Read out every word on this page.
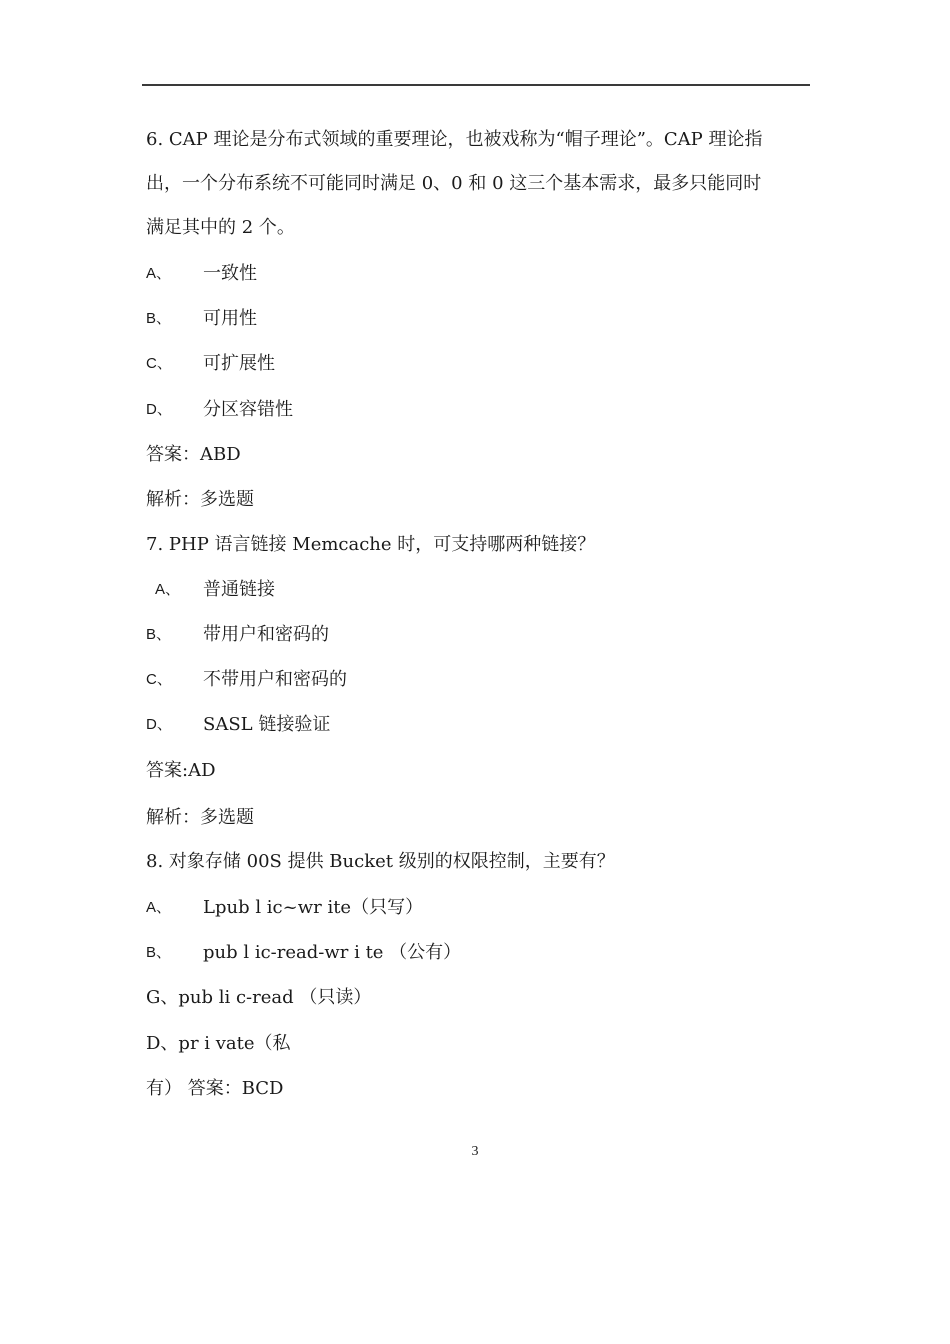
6. CAP 理论是分布式领域的重要理论，也被戏称为“帽子理论”。CAP 理论指
出，一个分布系统不可能同时满足 0、0 和 0 这三个基本需求，最多只能同时
满足其中的 2 个。
A、 一致性
B、 可用性
C、 可扩展性
D、 分区容错性
答案：ABD
解析：多选题
7. PHP 语言链接 Memcache 时，可支持哪两种链接？
A、 普通链接
B、 带用户和密码的
C、 不带用户和密码的
D、 SASL 链接验证
答案:AD
解析：多选题
8. 对象存储 00S 提供 Bucket 级别的权限控制，主要有？
A、 Lpub l ic~wr ite（只写）
B、 pub l ic-read-wr i te （公有）
G、pub li c-read （只读）
D、pr i vate（私
有） 答案：BCD
3
